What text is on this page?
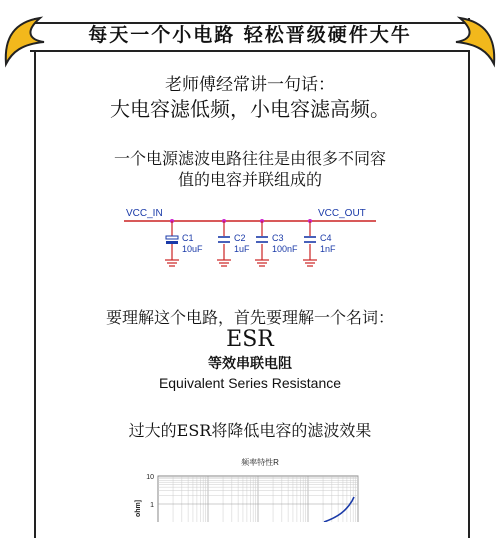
每天一个小电路 轻松晋级硬件大牛
老师傅经常讲一句话：
大电容滤低频，小电容滤高频。
一个电源滤波电路往往是由很多不同容
值的电容并联组成的
VCC_IN	VCC_OUT
C1
10uF
C2
1uF
C3
100nF
C4
1nF
要理解这个电路，首先要理解一个名词：
ESR
等效串联电阻
Equivalent Series Resistance
过大的ESR将降低电容的滤波效果
频率特性R
10
1
ohm]
